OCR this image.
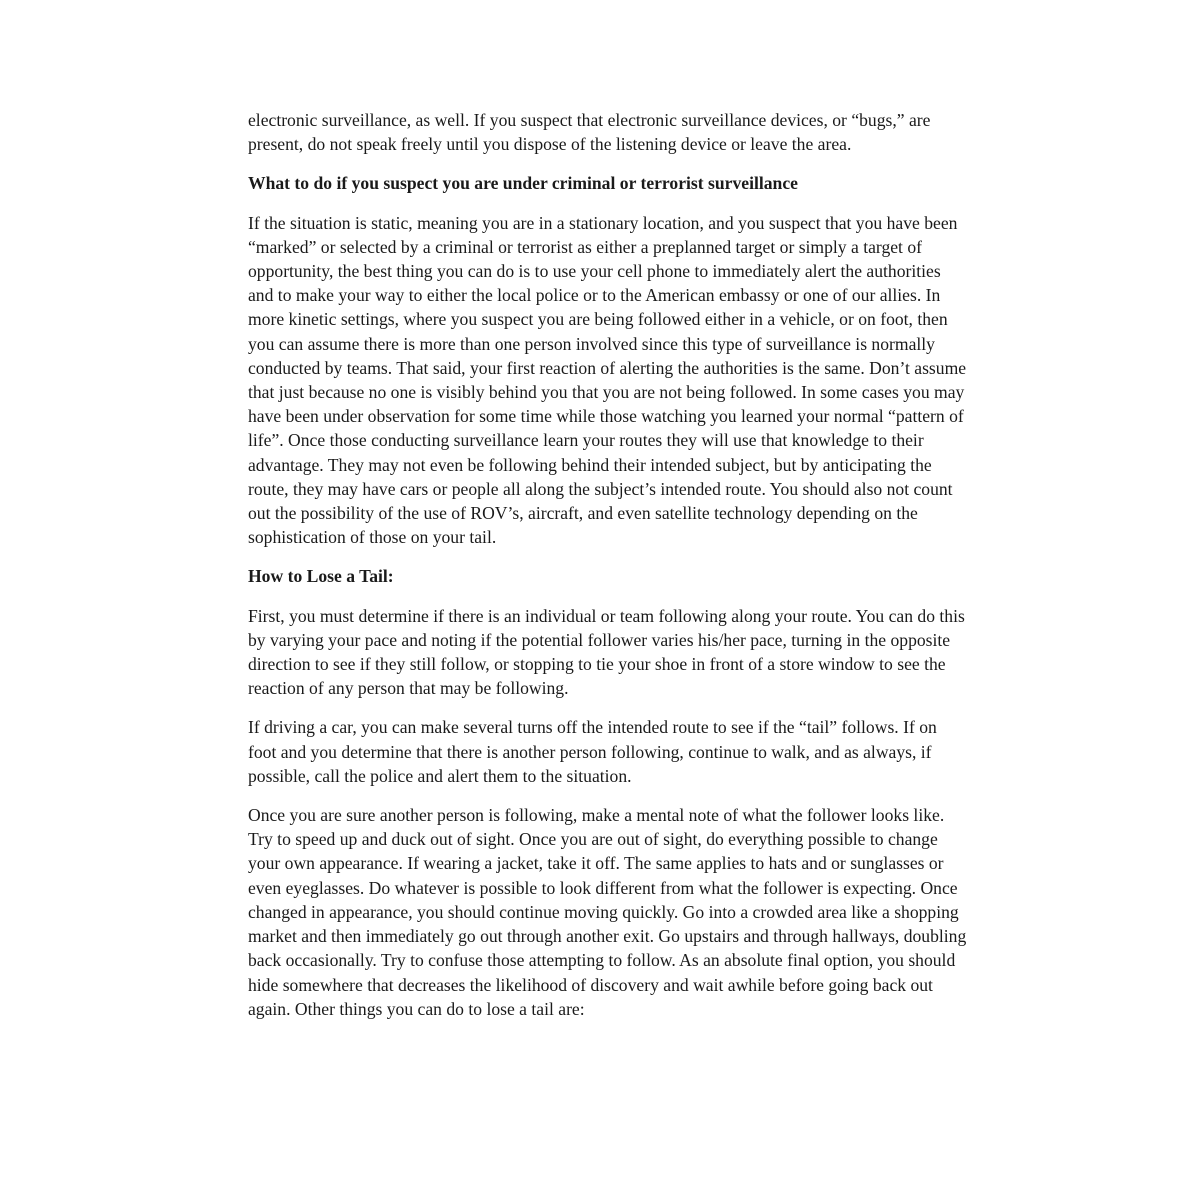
electronic surveillance, as well. If you suspect that electronic surveillance devices, or “bugs,” are present, do not speak freely until you dispose of the listening device or leave the area.

What to do if you suspect you are under criminal or terrorist surveillance

If the situation is static, meaning you are in a stationary location, and you suspect that you have been “marked” or selected by a criminal or terrorist as either a preplanned target or simply a target of opportunity, the best thing you can do is to use your cell phone to immediately alert the authorities and to make your way to either the local police or to the American embassy or one of our allies. In more kinetic settings, where you suspect you are being followed either in a vehicle, or on foot, then you can assume there is more than one person involved since this type of surveillance is normally conducted by teams. That said, your first reaction of alerting the authorities is the same. Don’t assume that just because no one is visibly behind you that you are not being followed. In some cases you may have been under observation for some time while those watching you learned your normal “pattern of life”. Once those conducting surveillance learn your routes they will use that knowledge to their advantage. They may not even be following behind their intended subject, but by anticipating the route, they may have cars or people all along the subject’s intended route. You should also not count out the possibility of the use of ROV’s, aircraft, and even satellite technology depending on the sophistication of those on your tail.

How to Lose a Tail:

First, you must determine if there is an individual or team following along your route. You can do this by varying your pace and noting if the potential follower varies his/her pace, turning in the opposite direction to see if they still follow, or stopping to tie your shoe in front of a store window to see the reaction of any person that may be following.

If driving a car, you can make several turns off the intended route to see if the “tail” follows. If on foot and you determine that there is another person following, continue to walk, and as always, if possible, call the police and alert them to the situation.

Once you are sure another person is following, make a mental note of what the follower looks like. Try to speed up and duck out of sight. Once you are out of sight, do everything possible to change your own appearance. If wearing a jacket, take it off. The same applies to hats and or sunglasses or even eyeglasses. Do whatever is possible to look different from what the follower is expecting. Once changed in appearance, you should continue moving quickly. Go into a crowded area like a shopping market and then immediately go out through another exit. Go upstairs and through hallways, doubling back occasionally. Try to confuse those attempting to follow. As an absolute final option, you should hide somewhere that decreases the likelihood of discovery and wait awhile before going back out again. Other things you can do to lose a tail are:
